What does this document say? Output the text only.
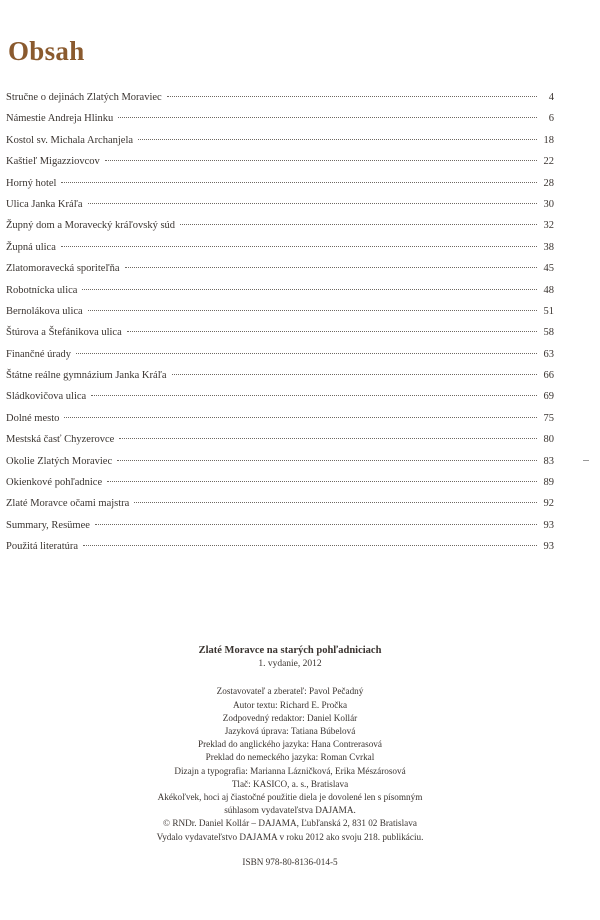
Obsah
Stručne o dejinách Zlatých Moraviec	4
Námestie Andreja Hlinku	6
Kostol sv. Michala Archanjela	18
Kaštieľ Migazziovcov	22
Horný hotel	28
Ulica Janka Kráľa	30
Župný dom a Moravecký kráľovský súd	32
Župná ulica	38
Zlatomoravecká sporiteľňa	45
Robotnícka ulica	48
Bernolákova ulica	51
Štúrova a Štefánikova ulica	58
Finančné úrady	63
Štátne reálne gymnázium Janka Kráľa	66
Sládkovičova ulica	69
Dolné mesto	75
Mestská časť Chyzerovce	80
Okolie Zlatých Moraviec	83
Okienkové pohľadnice	89
Zlaté Moravce očami majstra	92
Summary, Resümee	93
Použitá literatúra	93
Zlaté Moravce na starých pohľadniciach
1. vydanie, 2012
Zostavovateľ a zberateľ: Pavol Pečadný
Autor textu: Richard E. Pročka
Zodpovedný redaktor: Daniel Kollár
Jazyková úprava: Tatiana Búbelová
Preklad do anglického jazyka: Hana Contrerasová
Preklad do nemeckého jazyka: Roman Cvrkal
Dizajn a typografia: Marianna Lázničková, Erika Mészárosová
Tlač: KASICO, a. s., Bratislava
Akékoľvek, hoci aj čiastočné použitie diela je dovolené len s písomným
súhlasom vydavateľstva DAJAMA.
© RNDr. Daniel Kollár – DAJAMA, Ľubľanská 2, 831 02 Bratislava
Vydalo vydavateľstvo DAJAMA v roku 2012 ako svoju 218. publikáciu.
ISBN 978-80-8136-014-5
